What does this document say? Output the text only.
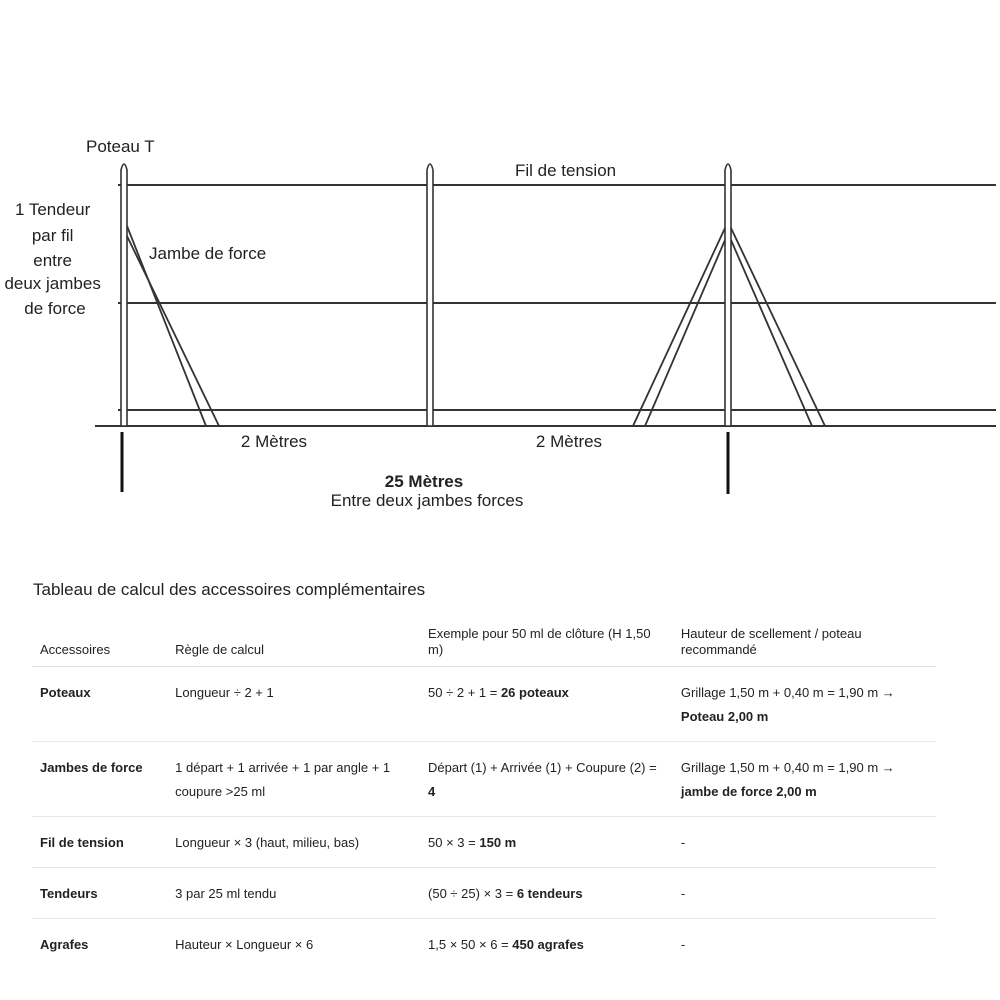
Poteau T
Fil de tension
Jambe de force
1 Tendeur par fil entre deux jambes de force
2 Mètres	2 Mètres
25 Mètres
Entre deux jambes forces
Tableau de calcul des accessoires complémentaires
Accessoires	Règle de calcul	Exemple pour 50 ml de clôture (H 1,50 m)	Hauteur de scellement / poteau recommandé
Poteaux	Longueur ÷ 2 + 1	50 ÷ 2 + 1 = 26 poteaux	Grillage 1,50 m + 0,40 m = 1,90 m → Poteau 2,00 m
Jambes de force	1 départ + 1 arrivée + 1 par angle + 1 coupure >25 ml	Départ (1) + Arrivée (1) + Coupure (2) = 4	Grillage 1,50 m + 0,40 m = 1,90 m → jambe de force 2,00 m
Fil de tension	Longueur × 3 (haut, milieu, bas)	50 × 3 = 150 m	-
Tendeurs	3 par 25 ml tendu	(50 ÷ 25) × 3 = 6 tendeurs	-
Agrafes	Hauteur × Longueur × 6	1,5 × 50 × 6 = 450 agrafes	-
